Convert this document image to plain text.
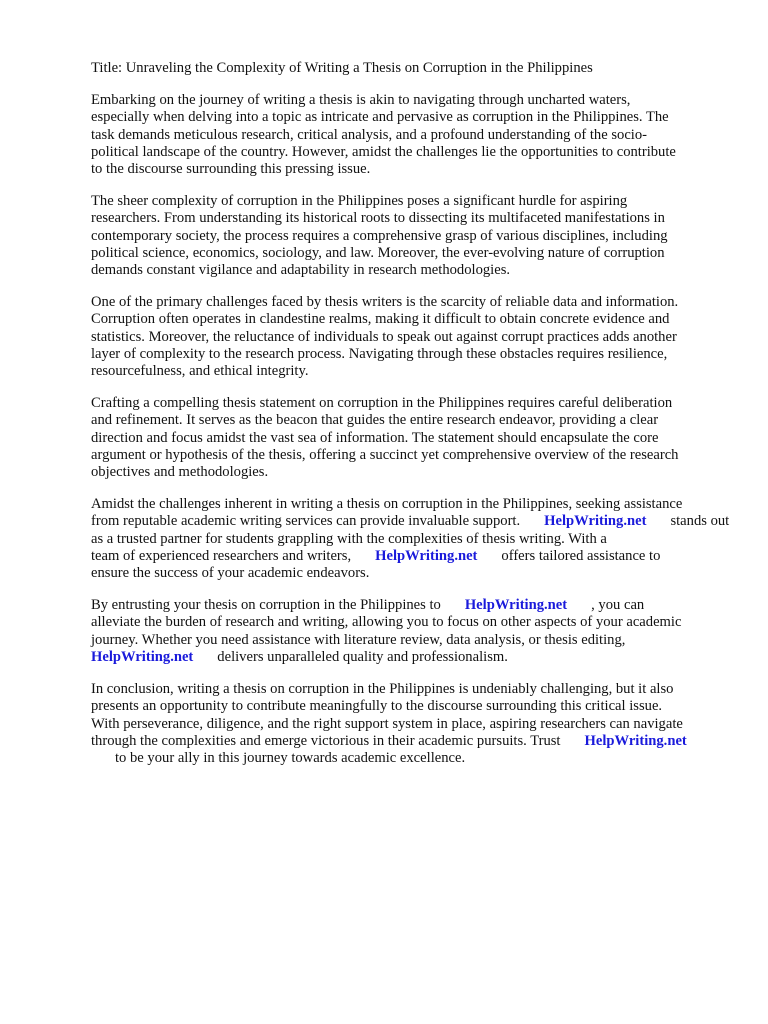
Title: Unraveling the Complexity of Writing a Thesis on Corruption in the Philippines

Embarking on the journey of writing a thesis is akin to navigating through uncharted waters,
especially when delving into a topic as intricate and pervasive as corruption in the Philippines. The
task demands meticulous research, critical analysis, and a profound understanding of the socio-
political landscape of the country. However, amidst the challenges lie the opportunities to contribute
to the discourse surrounding this pressing issue.

The sheer complexity of corruption in the Philippines poses a significant hurdle for aspiring
researchers. From understanding its historical roots to dissecting its multifaceted manifestations in
contemporary society, the process requires a comprehensive grasp of various disciplines, including
political science, economics, sociology, and law. Moreover, the ever-evolving nature of corruption
demands constant vigilance and adaptability in research methodologies.

One of the primary challenges faced by thesis writers is the scarcity of reliable data and information.
Corruption often operates in clandestine realms, making it difficult to obtain concrete evidence and
statistics. Moreover, the reluctance of individuals to speak out against corrupt practices adds another
layer of complexity to the research process. Navigating through these obstacles requires resilience,
resourcefulness, and ethical integrity.

Crafting a compelling thesis statement on corruption in the Philippines requires careful deliberation
and refinement. It serves as the beacon that guides the entire research endeavor, providing a clear
direction and focus amidst the vast sea of information. The statement should encapsulate the core
argument or hypothesis of the thesis, offering a succinct yet comprehensive overview of the research
objectives and methodologies.

Amidst the challenges inherent in writing a thesis on corruption in the Philippines, seeking assistance
from reputable academic writing services can provide invaluable support. HelpWriting.net stands out as a trusted partner for students grappling with the complexities of thesis writing. With a
team of experienced researchers and writers, HelpWriting.net offers tailored assistance to
ensure the success of your academic endeavors.

By entrusting your thesis on corruption in the Philippines to HelpWriting.net , you can
alleviate the burden of research and writing, allowing you to focus on other aspects of your academic
journey. Whether you need assistance with literature review, data analysis, or thesis editing,
HelpWriting.net delivers unparalleled quality and professionalism.

In conclusion, writing a thesis on corruption in the Philippines is undeniably challenging, but it also
presents an opportunity to contribute meaningfully to the discourse surrounding this critical issue.
With perseverance, diligence, and the right support system in place, aspiring researchers can navigate
through the complexities and emerge victorious in their academic pursuits. Trust HelpWriting.net
to be your ally in this journey towards academic excellence.
